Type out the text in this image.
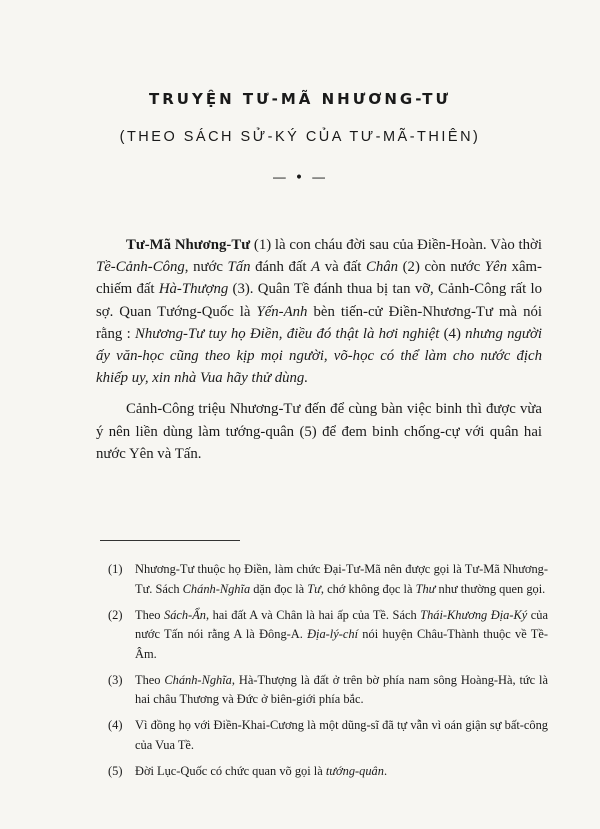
TRUYỆN TƯ-MÃ NHƯƠNG-TƯ
(THEO SÁCH SỬ-KÝ CỦA TƯ-MÃ-THIÊN)
— • —

Tư-Mã Nhương-Tư (1) là con cháu đời sau của Điền-Hoàn. Vào thời Tề-Cảnh-Công, nước Tấn đánh đất A và đất Chân (2) còn nước Yên xâm-chiếm đất Hà-Thượng (3). Quân Tề đánh thua bị tan vỡ, Cảnh-Công rất lo sợ. Quan Tướng-Quốc là Yến-Anh bèn tiến-cử Điền-Nhương-Tư mà nói rằng : Nhương-Tư tuy họ Điền, điều đó thật là hơi nghiệt (4) nhưng người ấy văn-học cũng theo kịp mọi người, võ-học có thể làm cho nước địch khiếp uy, xin nhà Vua hãy thử dùng.

Cảnh-Công triệu Nhương-Tư đến để cùng bàn việc binh thì được vừa ý nên liền dùng làm tướng-quân (5) để đem binh chống-cự với quân hai nước Yên và Tấn.

(1) Nhương-Tư thuộc họ Điền, làm chức Đại-Tư-Mã nên được gọi là Tư-Mã Nhương-Tư. Sách Chánh-Nghĩa dặn đọc là Tư, chớ không đọc là Thư như thường quen gọi.
(2) Theo Sách-Ẩn, hai đất A và Chân là hai ấp của Tề. Sách Thái-Khương Địa-Ký của nước Tấn nói rằng A là Đông-A. Địa-lý-chí nói huyện Châu-Thành thuộc về Tề-Âm.
(3) Theo Chánh-Nghĩa, Hà-Thượng là đất ở trên bờ phía nam sông Hoàng-Hà, tức là hai châu Thương và Đức ở biên-giới phía bắc.
(4) Vì đồng họ với Điền-Khai-Cương là một dũng-sĩ đã tự vẫn vì oán giận sự bất-công của Vua Tề.
(5) Đời Lục-Quốc có chức quan võ gọi là tướng-quân.
